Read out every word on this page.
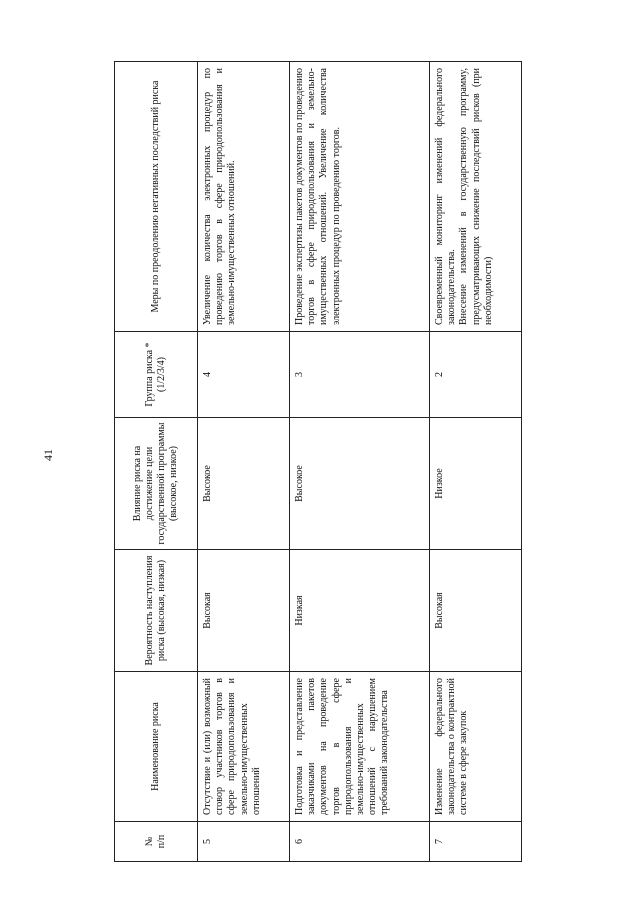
41
№
п/п	Наименование риска	Вероятность наступления риска (высокая, низкая)	Влияние риска на достижение цели государственной программы (высокое, низкое)	Группа риска * (1/2/3/4)	Меры по преодолению негативных последствий риска
5	Отсутствие и (или) возможный сговор участников торгов в сфере природопользования и земельно-имущественных отношений	Высокая	Высокое	4	Увеличение количества электронных процедур по проведению торгов в сфере природопользования и земельно-имущественных отношений.
6	Подготовка и представление заказчиками пакетов документов на проведение торгов в сфере природопользования и земельно-имущественных отношений с нарушением требований законодательства	Низкая	Высокое	3	Проведение экспертизы пакетов документов по проведению торгов в сфере природопользования и земельно-имущественных отношений. Увеличение количества электронных процедур по проведению торгов.
7	Изменение федерального законодательства о контрактной системе в сфере закупок	Высокая	Низкое	2	Своевременный мониторинг изменений федерального законодательства.
Внесение изменений в государственную программу, предусматривающих снижение последствий рисков (при необходимости)
